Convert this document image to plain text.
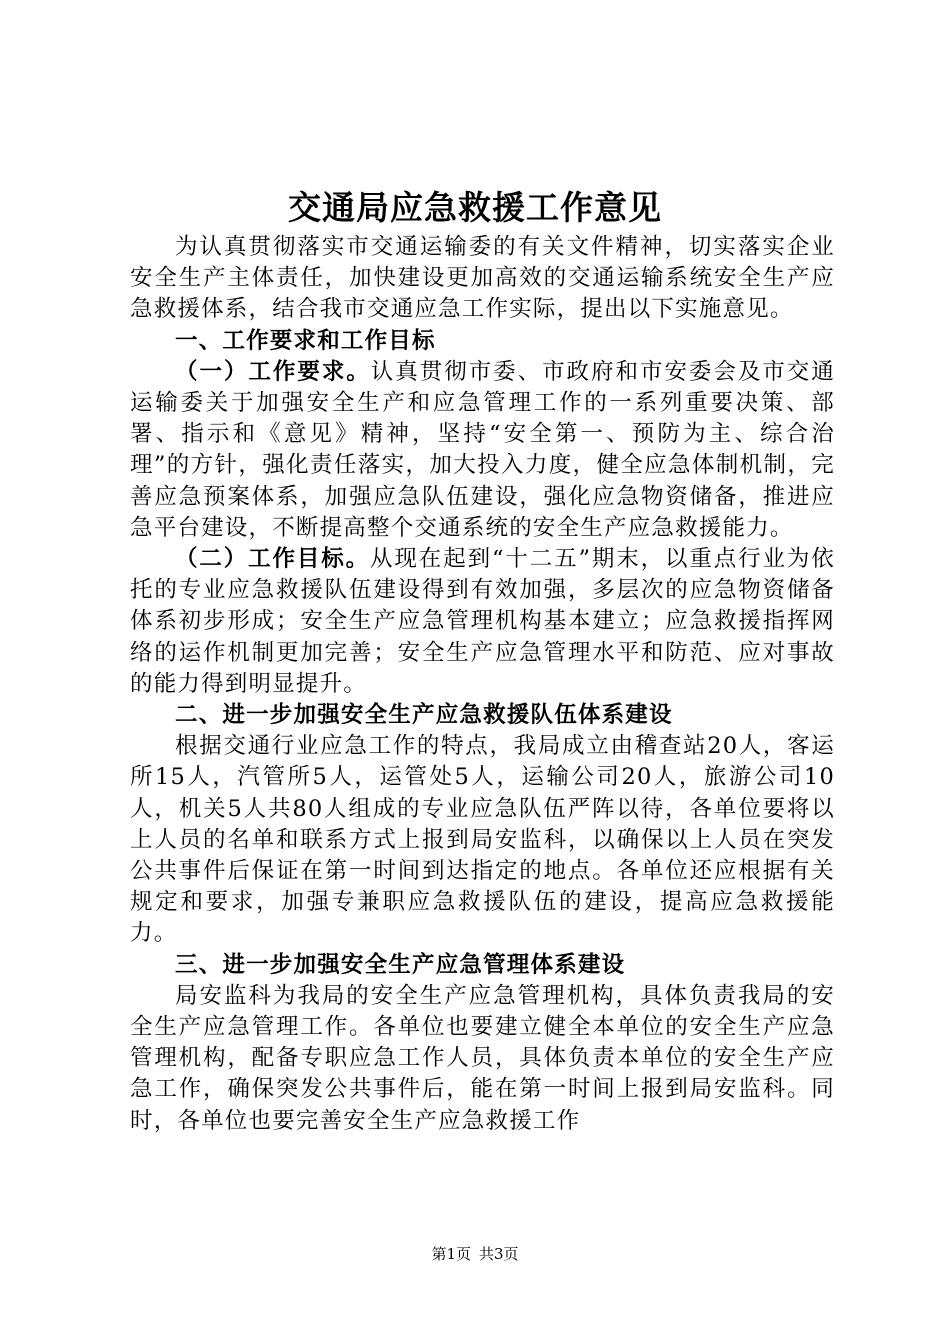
交通局应急救援工作意见

为认真贯彻落实市交通运输委的有关文件精神，切实落实企业安全生产主体责任，加快建设更加高效的交通运输系统安全生产应急救援体系，结合我市交通应急工作实际，提出以下实施意见。

一、工作要求和工作目标

（一）工作要求。认真贯彻市委、市政府和市安委会及市交通运输委关于加强安全生产和应急管理工作的一系列重要决策、部署、指示和《意见》精神，坚持“安全第一、预防为主、综合治理”的方针，强化责任落实，加大投入力度，健全应急体制机制，完善应急预案体系，加强应急队伍建设，强化应急物资储备，推进应急平台建设，不断提高整个交通系统的安全生产应急救援能力。

（二）工作目标。从现在起到“十二五”期末，以重点行业为依托的专业应急救援队伍建设得到有效加强，多层次的应急物资储备体系初步形成；安全生产应急管理机构基本建立；应急救援指挥网络的运作机制更加完善；安全生产应急管理水平和防范、应对事故的能力得到明显提升。

二、进一步加强安全生产应急救援队伍体系建设

根据交通行业应急工作的特点，我局成立由稽查站20人，客运所15人，汽管所5人，运管处5人，运输公司20人，旅游公司10人，机关5人共80人组成的专业应急队伍严阵以待，各单位要将以上人员的名单和联系方式上报到局安监科，以确保以上人员在突发公共事件后保证在第一时间到达指定的地点。各单位还应根据有关规定和要求，加强专兼职应急救援队伍的建设，提高应急救援能力。

三、进一步加强安全生产应急管理体系建设

局安监科为我局的安全生产应急管理机构，具体负责我局的安全生产应急管理工作。各单位也要建立健全本单位的安全生产应急管理机构，配备专职应急工作人员，具体负责本单位的安全生产应急工作，确保突发公共事件后，能在第一时间上报到局安监科。同时，各单位也要完善安全生产应急救援工作

第1页 共3页
